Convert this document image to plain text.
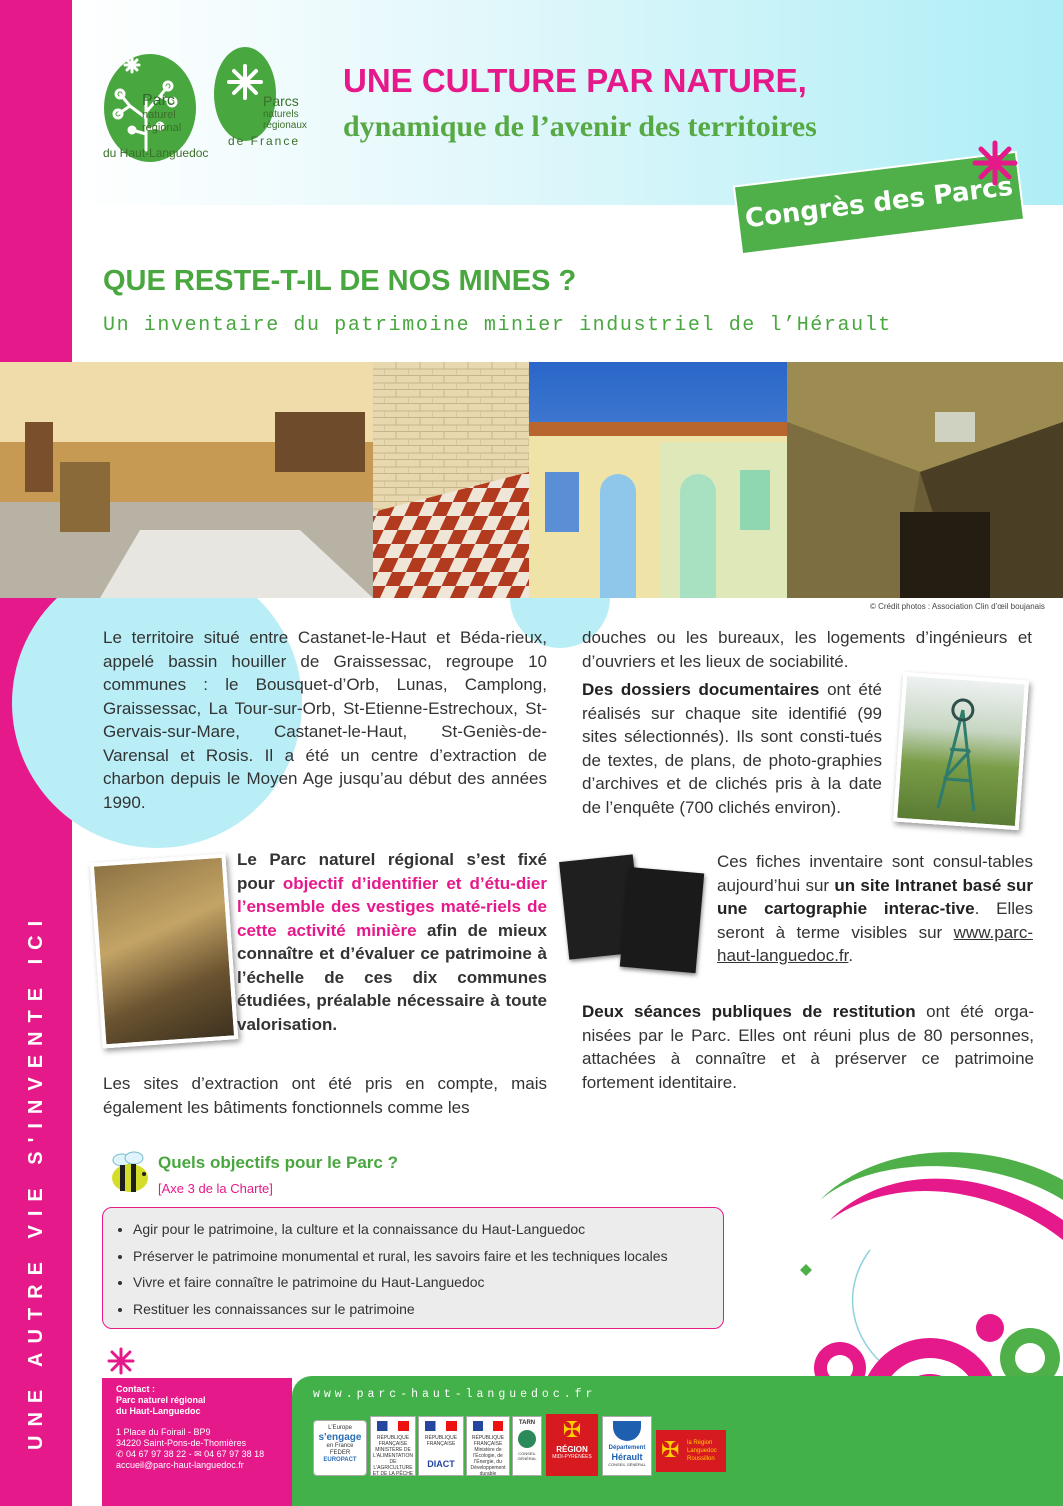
UNE AUTRE VIE S'INVENTE ICI
Parc
naturel
régional
du Haut-Languedoc
Parcs
naturels
régionaux
de France
UNE CULTURE PAR NATURE,
dynamique de l’avenir des territoires
Congrès des Parcs
QUE RESTE-T-IL DE NOS MINES ?
Un inventaire du patrimoine minier industriel de l’Hérault
© Crédit photos : Association Clin d’œil boujanais
Le territoire situé entre Castanet-le-Haut et Béda-rieux, appelé bassin houiller de Graissessac, regroupe 10 communes : le Bousquet-d’Orb, Lunas, Camplong, Graissessac, La Tour-sur-Orb, St-Etienne-Estrechoux, St-Gervais-sur-Mare, Castanet-le-Haut, St-Geniès-de-Varensal et Rosis. Il a été un centre d’extraction de charbon depuis le Moyen Age jusqu’au début des années 1990.
Le Parc naturel régional s’est fixé pour objectif d’identifier et d’étu-dier l’ensemble des vestiges maté-riels de cette activité minière afin de mieux connaître et d’évaluer ce patrimoine à l’échelle de ces dix communes étudiées, préalable nécessaire à toute valorisation.
Les sites d’extraction ont été pris en compte, mais également les bâtiments fonctionnels comme les
douches ou les bureaux, les logements d’ingénieurs et d’ouvriers et les lieux de sociabilité.
Des dossiers documentaires ont été réalisés sur chaque site identifié (99 sites sélectionnés). Ils sont consti-tués de textes, de plans, de photo-graphies d’archives et de clichés pris à la date de l’enquête (700 clichés environ).
Ces fiches inventaire sont consul-tables aujourd’hui sur un site Intranet basé sur une cartographie interac-tive. Elles seront à terme visibles sur www.parc-haut-languedoc.fr.
Deux séances publiques de restitution ont été orga-nisées par le Parc. Elles ont réuni plus de 80 personnes, attachées à connaître et à préserver ce patrimoine fortement identitaire.
Quels objectifs pour le Parc ?
[Axe 3 de la Charte]
• Agir pour le patrimoine, la culture et la connaissance du Haut-Languedoc
• Préserver le patrimoine monumental et rural, les savoirs faire et les techniques locales
• Vivre et faire connaître le patrimoine du Haut-Languedoc
• Restituer les connaissances sur le patrimoine
Contact :
Parc naturel régional
du Haut-Languedoc
1 Place du Foirail - BP9
34220 Saint-Pons-de-Thomières
✆ 04 67 97 38 22 - ✉ 04 67 97 38 18
accueil@parc-haut-languedoc.fr
www.parc-haut-languedoc.fr
L'Europe
s'engage
en France
FEDER
EUROPACT
RÉPUBLIQUE FRANÇAISE
MINISTÈRE DE L'ALIMENTATION DE L'AGRICULTURE ET DE LA PÊCHE
RÉPUBLIQUE FRANÇAISE
DIACT
RÉPUBLIQUE FRANÇAISE
Ministère de l'Écologie, de l'Énergie, du Développement durable
TARN
CONSEIL GÉNÉRAL
✠
RÉGION
MIDI-PYRÉNÉES
Département
Hérault
CONSEIL GÉNÉRAL
✠ la Région
Languedoc
Roussillon
